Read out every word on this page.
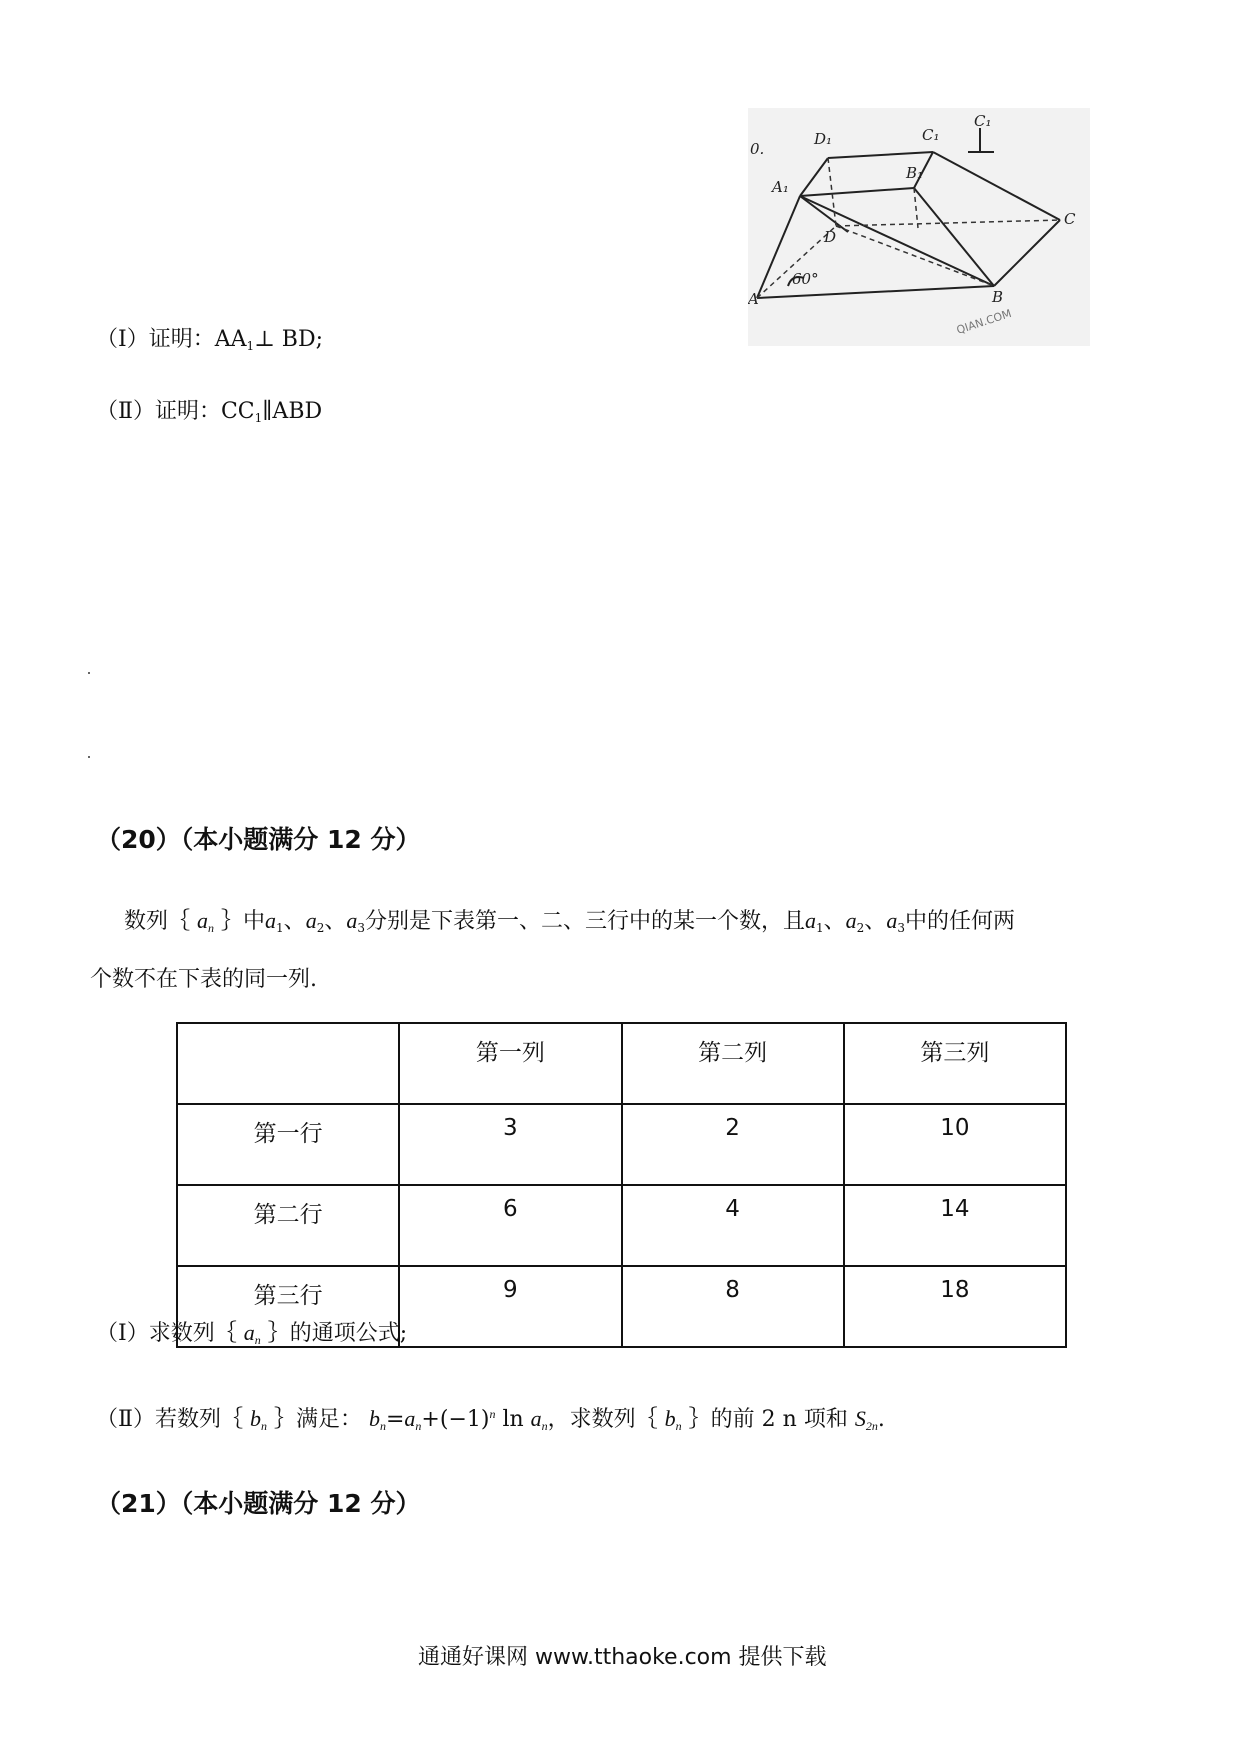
0.
D₁	C₁
A₁
B₁
C
D
60°
A	B
C₁
QIAN.COM
（Ⅰ）证明：$AA_1\perp$ BD;
（Ⅱ）证明：$CC_1\parallel ABD$
（20）（本小题满分 12 分）
数列｛ $a_n$ ｝中$a_1$、$a_2$、$a_3$分别是下表第一、二、三行中的某一个数，且$a_1$、$a_2$、$a_3$中的任何两
个数不在下表的同一列.
	第一列	第二列	第三列
第一行	3	2	10
第二行	6	4	14
第三行	9	8	18
（Ⅰ）求数列｛ $a_n$ ｝的通项公式;
（Ⅱ）若数列｛ $b_n$ ｝满足： $b_n=a_n+(-1)^n$ $\ln a_n$，求数列｛ $b_n$ ｝的前 2 n 项和 $S_{2n}$.
（21）（本小题满分 12 分）
通通好课网 www.tthaoke.com 提供下载
